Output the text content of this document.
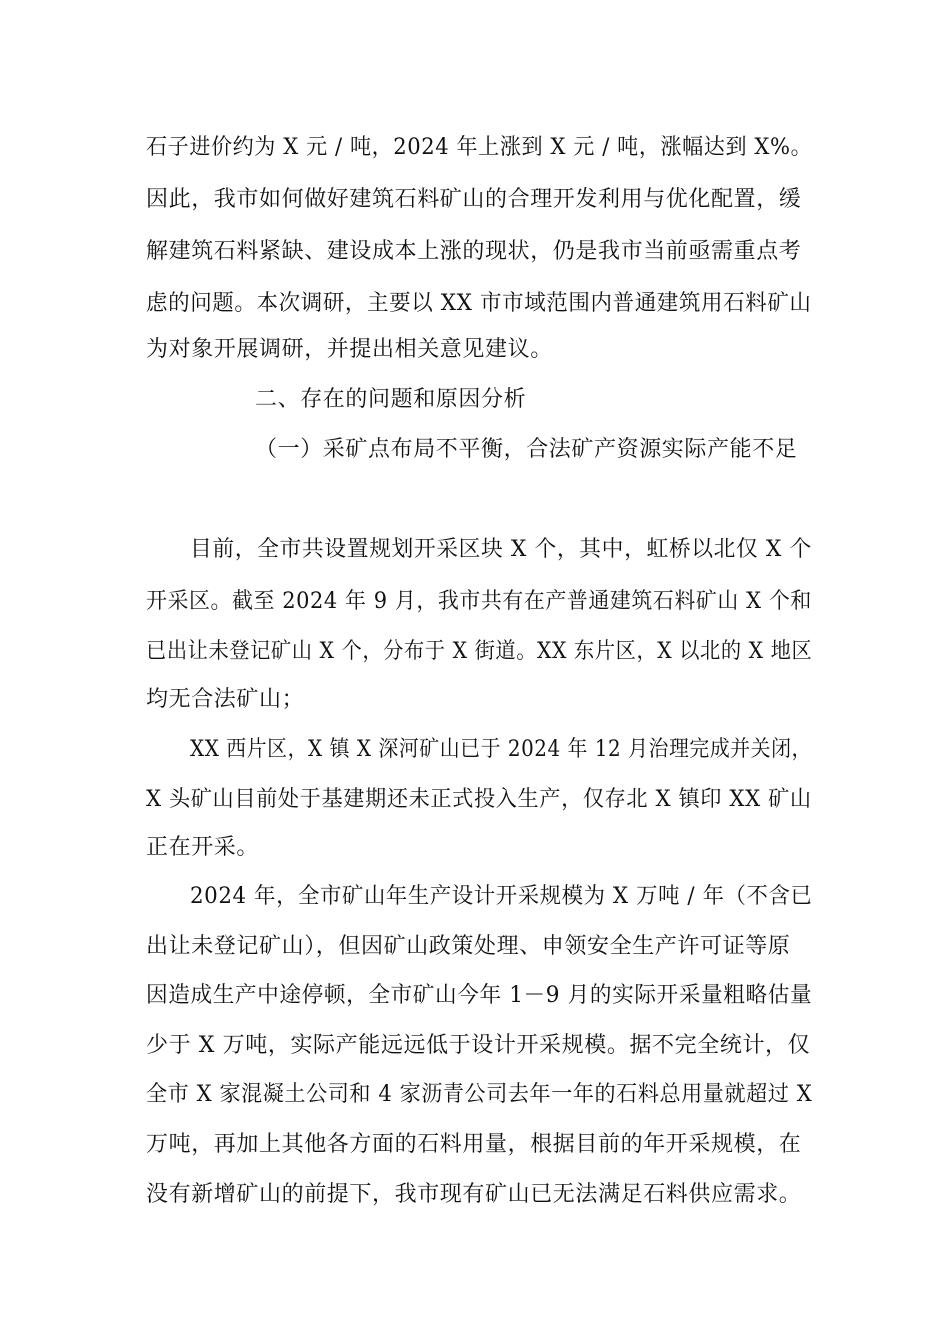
石子进价约为 X 元 / 吨，2024 年上涨到 X 元 / 吨，涨幅达到 X%。
因此，我市如何做好建筑石料矿山的合理开发利用与优化配置，缓
解建筑石料紧缺、建设成本上涨的现状，仍是我市当前亟需重点考
虑的问题。本次调研，主要以 XX 市市域范围内普通建筑用石料矿山
为对象开展调研，并提出相关意见建议。
二、存在的问题和原因分析
（一）采矿点布局不平衡，合法矿产资源实际产能不足
目前，全市共设置规划开采区块 X 个，其中，虹桥以北仅 X 个
开采区。截至 2024 年 9 月，我市共有在产普通建筑石料矿山 X 个和
已出让未登记矿山 X 个，分布于 X 街道。XX 东片区，X 以北的 X 地区
均无合法矿山；
XX 西片区，X 镇 X 深河矿山已于 2024 年 12 月治理完成并关闭，
X 头矿山目前处于基建期还未正式投入生产，仅存北 X 镇印 XX 矿山
正在开采。
2024 年，全市矿山年生产设计开采规模为 X 万吨 / 年（不含已
出让未登记矿山），但因矿山政策处理、申领安全生产许可证等原
因造成生产中途停顿，全市矿山今年 1－9 月的实际开采量粗略估量
少于 X 万吨，实际产能远远低于设计开采规模。据不完全统计，仅
全市 X 家混凝土公司和 4 家沥青公司去年一年的石料总用量就超过 X
万吨，再加上其他各方面的石料用量，根据目前的年开采规模，在
没有新增矿山的前提下，我市现有矿山已无法满足石料供应需求。
